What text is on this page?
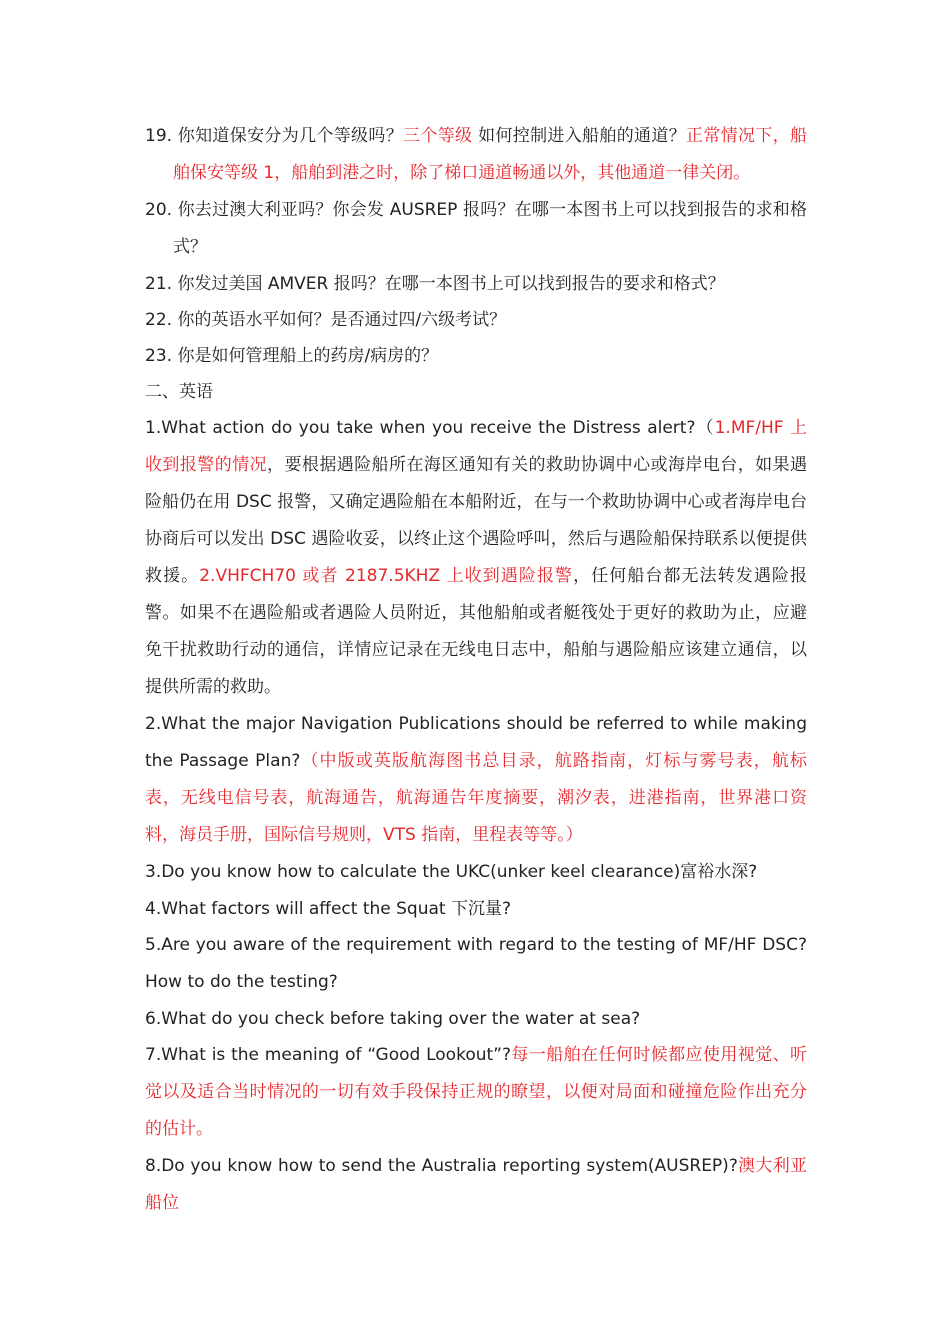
19. 你知道保安分为几个等级吗？三个等级 如何控制进入船舶的通道？正常情况下，船舶保安等级 1，船舶到港之时，除了梯口通道畅通以外，其他通道一律关闭。

20. 你去过澳大利亚吗？你会发 AUSREP 报吗？在哪一本图书上可以找到报告的求和格式？

21. 你发过美国 AMVER 报吗？在哪一本图书上可以找到报告的要求和格式？

22. 你的英语水平如何？是否通过四/六级考试？

23. 你是如何管理船上的药房/病房的？

二、英语

1.What action do you take when you receive the Distress alert?（1.MF/HF 上收到报警的情况，要根据遇险船所在海区通知有关的救助协调中心或海岸电台，如果遇险船仍在用 DSC 报警，又确定遇险船在本船附近，在与一个救助协调中心或者海岸电台协商后可以发出 DSC 遇险收妥，以终止这个遇险呼叫，然后与遇险船保持联系以便提供救援。2.VHFCH70 或者 2187.5KHZ 上收到遇险报警，任何船台都无法转发遇险报警。如果不在遇险船或者遇险人员附近，其他船舶或者艇筏处于更好的救助为止，应避免干扰救助行动的通信，详情应记录在无线电日志中，船舶与遇险船应该建立通信，以提供所需的救助。

2.What the major Navigation Publications should be referred to while making the Passage Plan?（中版或英版航海图书总目录，航路指南，灯标与雾号表，航标表，无线电信号表，航海通告，航海通告年度摘要，潮汐表，进港指南，世界港口资料，海员手册，国际信号规则，VTS 指南，里程表等等。）

3.Do you know how to calculate the UKC(unker keel clearance)富裕水深?

4.What factors will affect the Squat 下沉量?

5.Are you aware of the requirement with regard to the testing of MF/HF DSC? How to do the testing?

6.What do you check before taking over the water at sea?

7.What is the meaning of “Good Lookout”?每一船舶在任何时候都应使用视觉、听觉以及适合当时情况的一切有效手段保持正规的瞭望，以便对局面和碰撞危险作出充分的估计。

8.Do you know how to send the Australia reporting system(AUSREP)?澳大利亚船位
